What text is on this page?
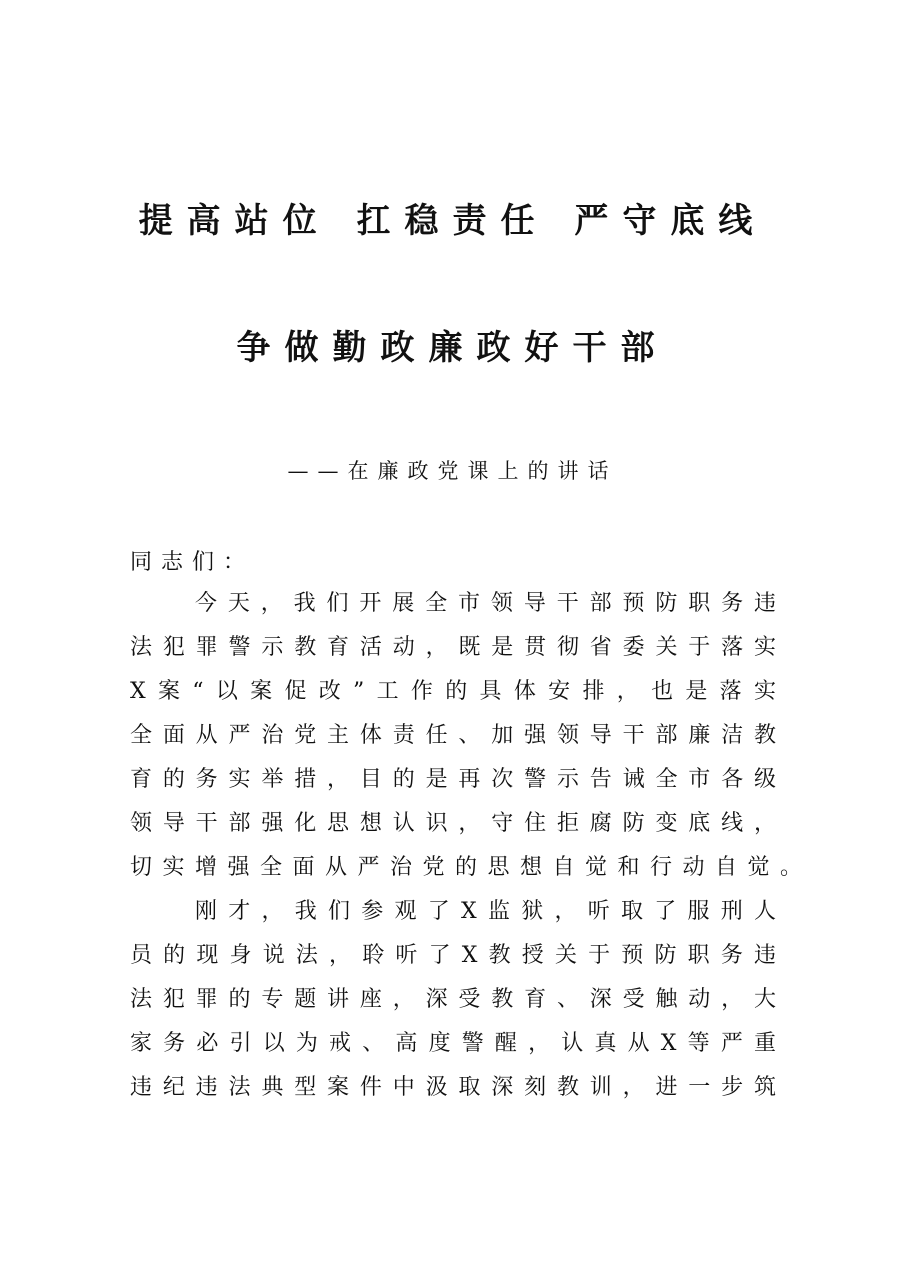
提高站位 扛稳责任 严守底线
争做勤政廉政好干部
——在廉政党课上的讲话
同志们：
今天，我们开展全市领导干部预防职务违
法犯罪警示教育活动，既是贯彻省委关于落实
X案“以案促改”工作的具体安排，也是落实
全面从严治党主体责任、加强领导干部廉洁教
育的务实举措，目的是再次警示告诫全市各级
领导干部强化思想认识，守住拒腐防变底线，
切实增强全面从严治党的思想自觉和行动自觉。
刚才，我们参观了X监狱，听取了服刑人
员的现身说法，聆听了X教授关于预防职务违
法犯罪的专题讲座，深受教育、深受触动，大
家务必引以为戒、高度警醒，认真从X等严重
违纪违法典型案件中汲取深刻教训，进一步筑
